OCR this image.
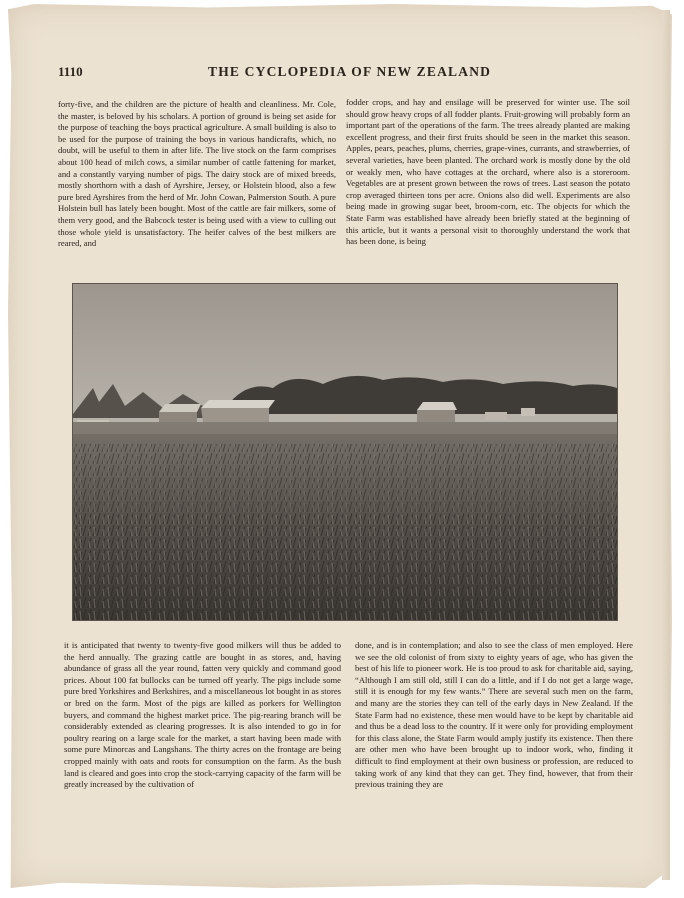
1110	THE CYCLOPEDIA OF NEW ZEALAND
forty-five, and the children are the picture of health and cleanliness. Mr. Cole, the master, is beloved by his scholars. A portion of ground is being set aside for the purpose of teaching the boys practical agriculture. A small building is also to be used for the purpose of training the boys in various handicrafts, which, no doubt, will be useful to them in after life. The live stock on the farm comprises about 100 head of milch cows, a similar number of cattle fattening for market, and a constantly varying number of pigs. The dairy stock are of mixed breeds, mostly shorthorn with a dash of Ayrshire, Jersey, or Holstein blood, also a few pure bred Ayrshires from the herd of Mr. John Cowan, Palmerston South. A pure Holstein bull has lately been bought. Most of the cattle are fair milkers, some of them very good, and the Babcock tester is being used with a view to culling out those whole yield is unsatisfactory. The heifer calves of the best milkers are reared, and
fodder crops, and hay and ensilage will be preserved for winter use. The soil should grow heavy crops of all fodder plants. Fruit-growing will probably form an important part of the operations of the farm. The trees already planted are making excellent progress, and their first fruits should be seen in the market this season. Apples, pears, peaches, plums, cherries, grape-vines, currants, and strawberries, of several varieties, have been planted. The orchard work is mostly done by the old or weakly men, who have cottages at the orchard, where also is a storeroom. Vegetables are at present grown between the rows of trees. Last season the potato crop averaged thirteen tons per acre. Onions also did well. Experiments are also being made in growing sugar beet, broom-corn, etc. The objects for which the State Farm was established have already been briefly stated at the beginning of this article, but it wants a personal visit to thoroughly understand the work that has been done, is being
it is anticipated that twenty to twenty-five good milkers will thus be added to the herd annually. The grazing cattle are bought in as stores, and, having abundance of grass all the year round, fatten very quickly and command good prices. About 100 fat bullocks can be turned off yearly. The pigs include some pure bred Yorkshires and Berkshires, and a miscellaneous lot bought in as stores or bred on the farm. Most of the pigs are killed as porkers for Wellington buyers, and command the highest market price. The pig-rearing branch will be considerably extended as clearing progresses. It is also intended to go in for poultry rearing on a large scale for the market, a start having been made with some pure Minorcas and Langshans. The thirty acres on the frontage are being cropped mainly with oats and roots for consumption on the farm. As the bush land is cleared and goes into crop the stock-carrying capacity of the farm will be greatly increased by the cultivation of
done, and is in contemplation; and also to see the class of men employed. Here we see the old colonist of from sixty to eighty years of age, who has given the best of his life to pioneer work. He is too proud to ask for charitable aid, saying, “Although I am still old, still I can do a little, and if I do not get a large wage, still it is enough for my few wants.” There are several such men on the farm, and many are the stories they can tell of the early days in New Zealand. If the State Farm had no existence, these men would have to be kept by charitable aid and thus be a dead loss to the country. If it were only for providing employment for this class alone, the State Farm would amply justify its existence. Then there are other men who have been brought up to indoor work, who, finding it difficult to find employment at their own business or profession, are reduced to taking work of any kind that they can get. They find, however, that from their previous training they are
